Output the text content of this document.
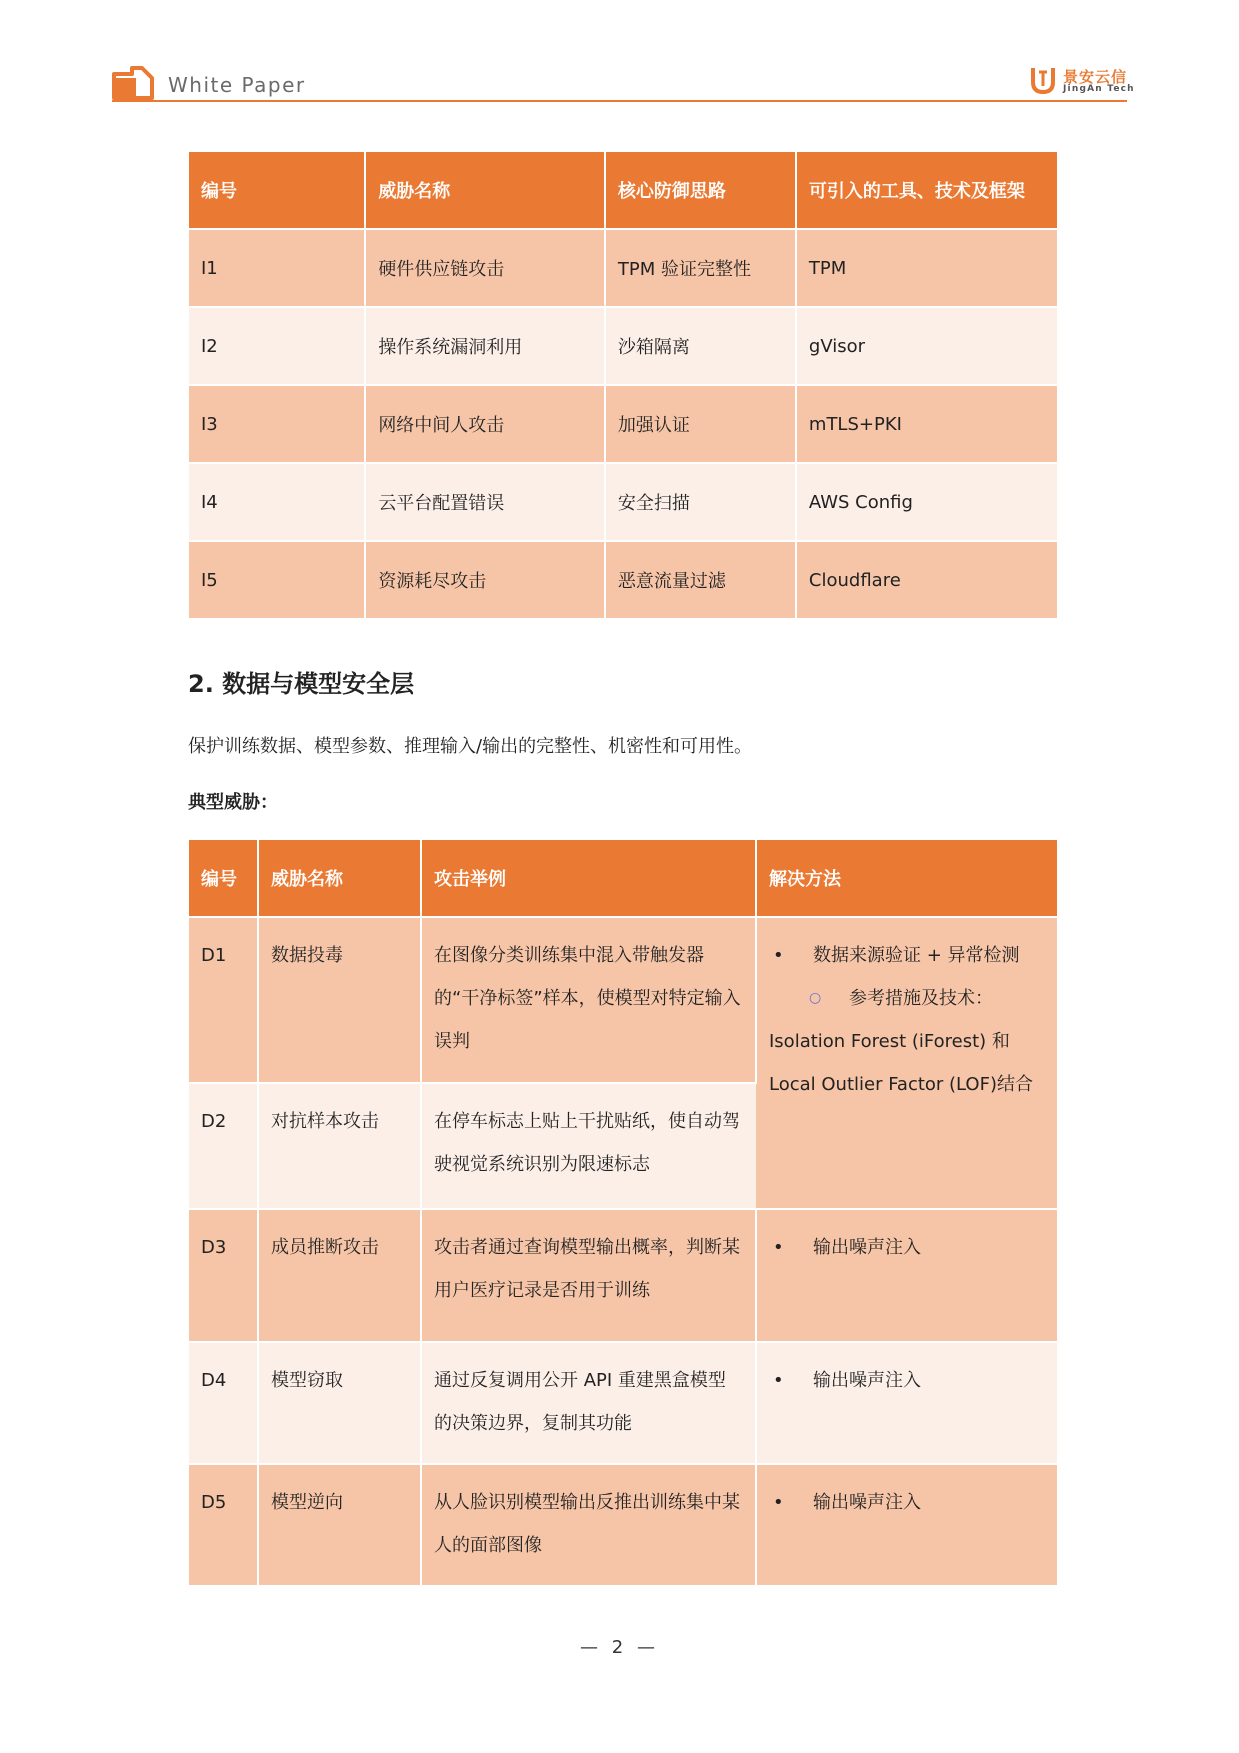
White Paper	景安云信
JingAn Tech
编号	威胁名称	核心防御思路	可引入的工具、技术及框架
I1	硬件供应链攻击	TPM 验证完整性	TPM
I2	操作系统漏洞利用	沙箱隔离	gVisor
I3	网络中间人攻击	加强认证	mTLS+PKI
I4	云平台配置错误	安全扫描	AWS Config
I5	资源耗尽攻击	恶意流量过滤	Cloudflare
2. 数据与模型安全层
保护训练数据、模型参数、推理输入/输出的完整性、机密性和可用性。
典型威胁：
编号	威胁名称	攻击举例	解决方法
D1	数据投毒	在图像分类训练集中混入带触发器的“干净标签”样本，使模型对特定输入误判	• 数据来源验证 + 异常检测
○ 参考措施及技术：
Isolation Forest (iForest) 和 Local Outlier Factor (LOF)结合

D2	对抗样本攻击	在停车标志上贴上干扰贴纸，使自动驾驶视觉系统识别为限速标志	
D3	成员推断攻击	攻击者通过查询模型输出概率，判断某用户医疗记录是否用于训练	• 输出噪声注入

D4	模型窃取	通过反复调用公开 API 重建黑盒模型的决策边界，复制其功能	• 输出噪声注入

D5	模型逆向	从人脸识别模型输出反推出训练集中某人的面部图像	• 输出噪声注入
— 2 —
